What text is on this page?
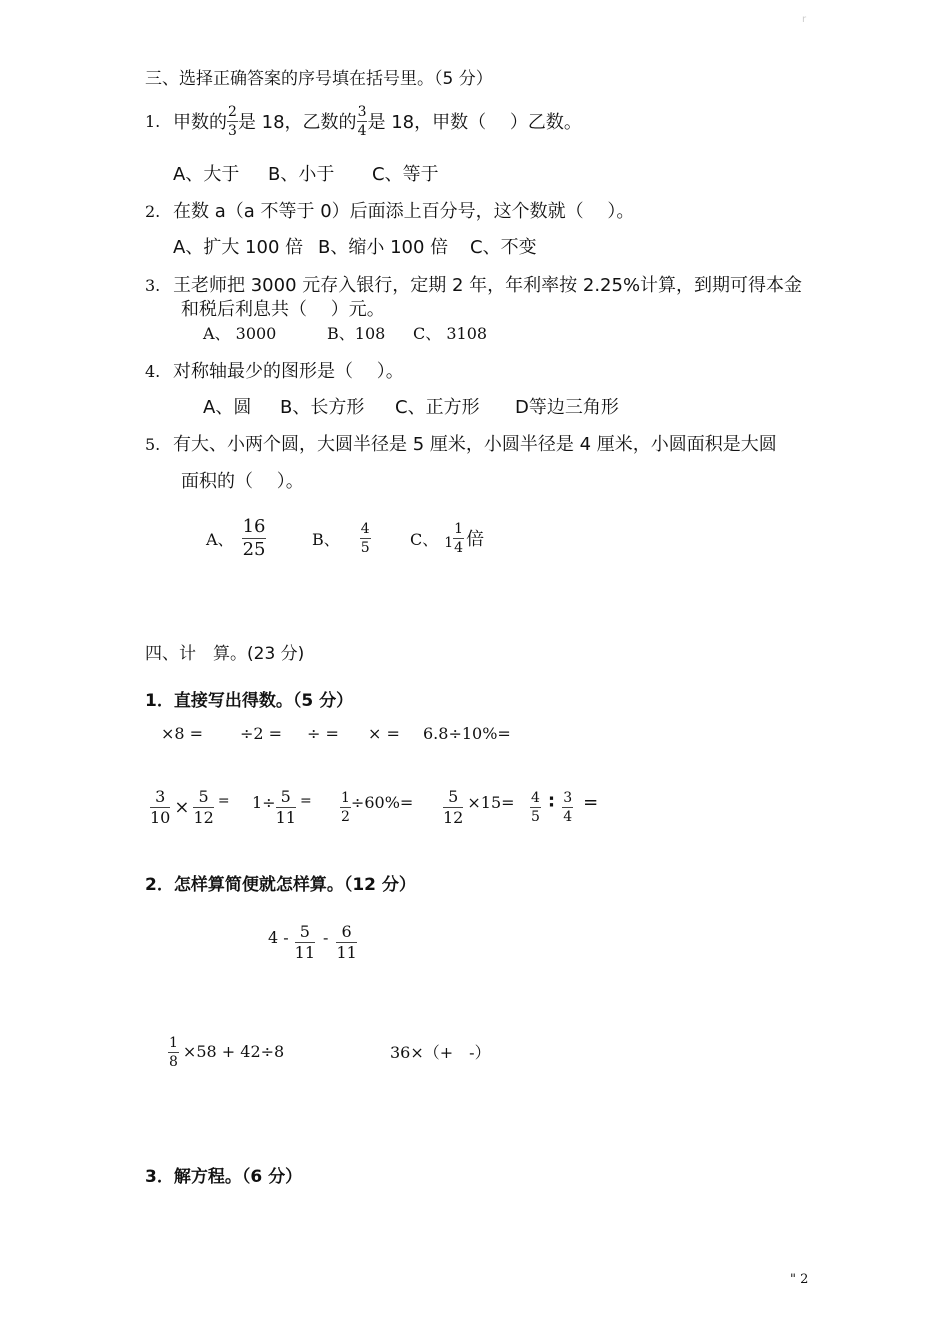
r
三、选择正确答案的序号填在括号里。（5 分）
1. 甲数的 $\frac{2}{3}$ 是 18，乙数的 $\frac{3}{4}$ 是 18，甲数（　 ）乙数。
A、大于 B、小于 C、等于
2. 在数 a（a 不等于 0）后面添上百分号，这个数就（　 ）。
A、扩大 100 倍 B、缩小 100 倍 C、不变
3. 王老师把 3000 元存入银行，定期 2 年，年利率按 2.25%计算，到期可得本金
和税后利息共（　 ）元。
A、 3000	B、108 C、 3108
4. 对称轴最少的图形是（　 ）。
A、圆 B、长方形 C、正方形 D等边三角形
5. 有大、小两个圆，大圆半径是 5 厘米，小圆半径是 4 厘米，小圆面积是大圆
面积的（　 ）。
A、 $\frac{16}{25}$	B、 $\frac{4}{5}$ C、 $1 \frac{1}{4}$ 倍
四、计　算。(23 分)
1．直接写出得数。（5 分）
×8 = ÷2 = ÷ = × = 6.8÷10%=
$\frac{3}{10} \times \frac{5}{12} = 1\div \frac{5}{11} = \frac{1}{2} \div 60\%= \frac{5}{12} \times 15= \frac{4}{5}$ ∶ $\frac{3}{4}$ =
2．怎样算简便就怎样算。（12 分）
$4 - \frac{5}{11} - \frac{6}{11}$
$\frac{1}{8} \times 58 + 42\div 8$	36×（+　-）
3．解方程。（6 分）
" 2
